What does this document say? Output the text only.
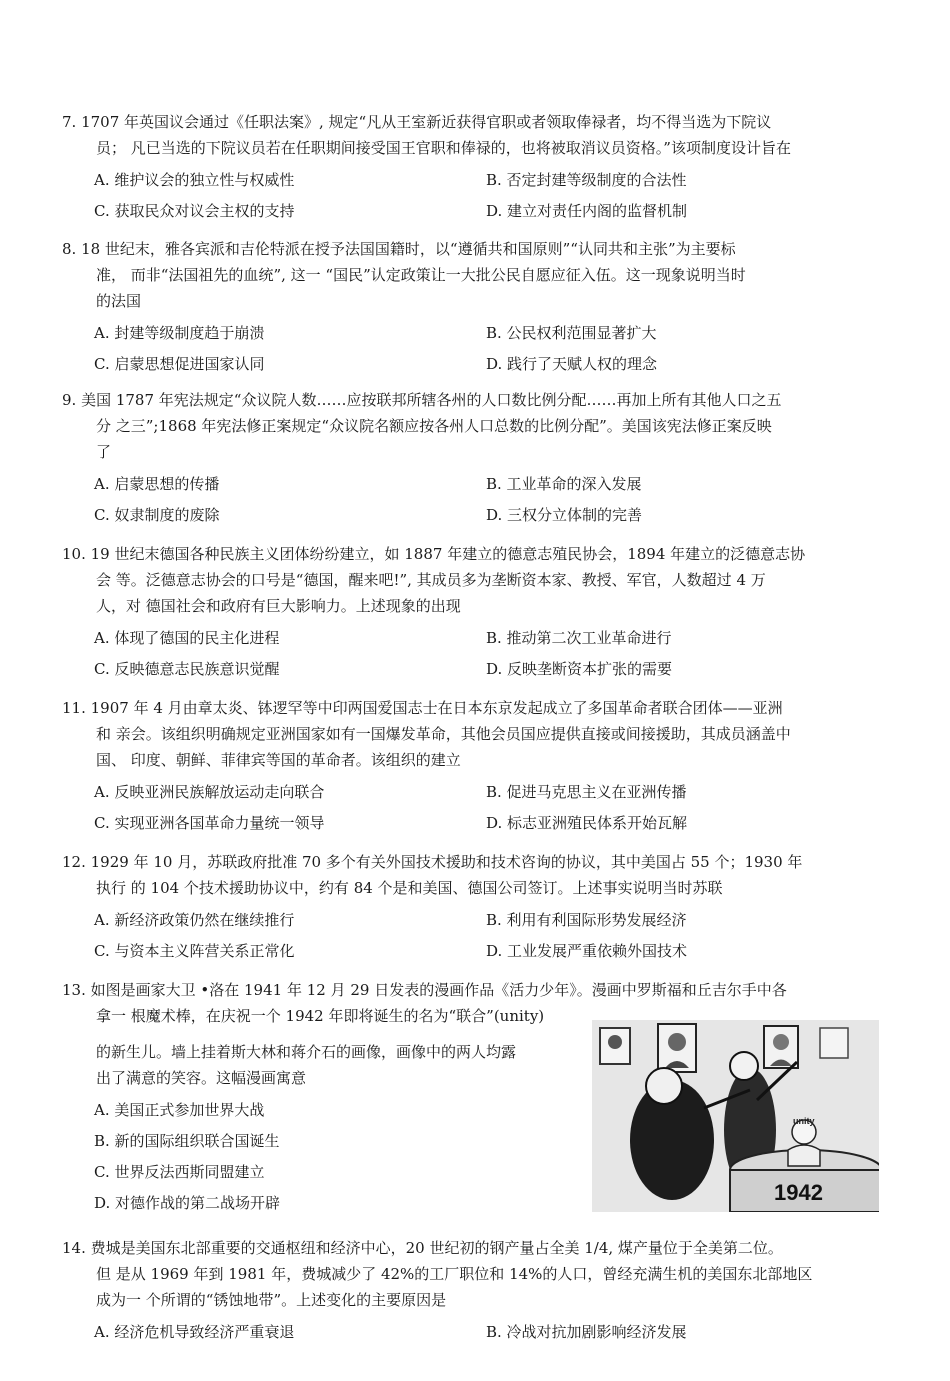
7. 1707 年英国议会通过《任职法案》, 规定“凡从王室新近获得官职或者领取俸禄者，均不得当选为下院议
员； 凡已当选的下院议员若在任职期间接受国王官职和俸禄的，也将被取消议员资格。”该项制度设计旨在
A. 维护议会的独立性与权威性	B. 否定封建等级制度的合法性
C. 获取民众对议会主权的支持	D. 建立对责任内阁的监督机制
8. 18 世纪末，雅各宾派和吉伦特派在授予法国国籍时，以“遵循共和国原则”“认同共和主张”为主要标
准， 而非“法国祖先的血统”, 这一 “国民”认定政策让一大批公民自愿应征入伍。这一现象说明当时
的法国
A. 封建等级制度趋于崩溃	B. 公民权利范围显著扩大
C. 启蒙思想促进国家认同	D. 践行了天赋人权的理念
9. 美国 1787 年宪法规定“众议院人数……应按联邦所辖各州的人口数比例分配……再加上所有其他人口之五
分 之三”;1868 年宪法修正案规定“众议院名额应按各州人口总数的比例分配”。美国该宪法修正案反映
了
A. 启蒙思想的传播	B. 工业革命的深入发展
C. 奴隶制度的废除	D. 三权分立体制的完善
10. 19 世纪末德国各种民族主义团体纷纷建立，如 1887 年建立的德意志殖民协会，1894 年建立的泛德意志协
会 等。泛德意志协会的口号是“德国，醒来吧!”, 其成员多为垄断资本家、教授、军官，人数超过 4 万
人，对 德国社会和政府有巨大影响力。上述现象的出现
A. 体现了德国的民主化进程	B. 推动第二次工业革命进行
C. 反映德意志民族意识觉醒	D. 反映垄断资本扩张的需要
11. 1907 年 4 月由章太炎、钵逻罕等中印两国爱国志士在日本东京发起成立了多国革命者联合团体——亚洲
和 亲会。该组织明确规定亚洲国家如有一国爆发革命，其他会员国应提供直接或间接援助，其成员涵盖中
国、 印度、朝鲜、菲律宾等国的革命者。该组织的建立
A. 反映亚洲民族解放运动走向联合	B. 促进马克思主义在亚洲传播
C. 实现亚洲各国革命力量统一领导	D. 标志亚洲殖民体系开始瓦解
12. 1929 年 10 月，苏联政府批准 70 多个有关外国技术援助和技术咨询的协议，其中美国占 55 个；1930 年
执行 的 104 个技术援助协议中，约有 84 个是和美国、德国公司签订。上述事实说明当时苏联
A. 新经济政策仍然在继续推行	B. 利用有利国际形势发展经济
C. 与资本主义阵营关系正常化	D. 工业发展严重依赖外国技术
13. 如图是画家大卫 •洛在 1941 年 12 月 29 日发表的漫画作品《活力少年》。漫画中罗斯福和丘吉尔手中各
拿一 根魔术棒，在庆祝一个 1942 年即将诞生的名为“联合”(unity)
的新生儿。墙上挂着斯大林和蒋介石的画像，画像中的两人均露
出了满意的笑容。这幅漫画寓意
A. 美国正式参加世界大战
B. 新的国际组织联合国诞生
C. 世界反法西斯同盟建立
D. 对德作战的第二战场开辟
unity
1942
14. 费城是美国东北部重要的交通枢纽和经济中心，20 世纪初的钢产量占全美 1/4, 煤产量位于全美第二位。
但 是从 1969 年到 1981 年，费城减少了 42%的工厂职位和 14%的人口，曾经充满生机的美国东北部地区
成为一 个所谓的“锈蚀地带”。上述变化的主要原因是
A. 经济危机导致经济严重衰退	B. 冷战对抗加剧影响经济发展
